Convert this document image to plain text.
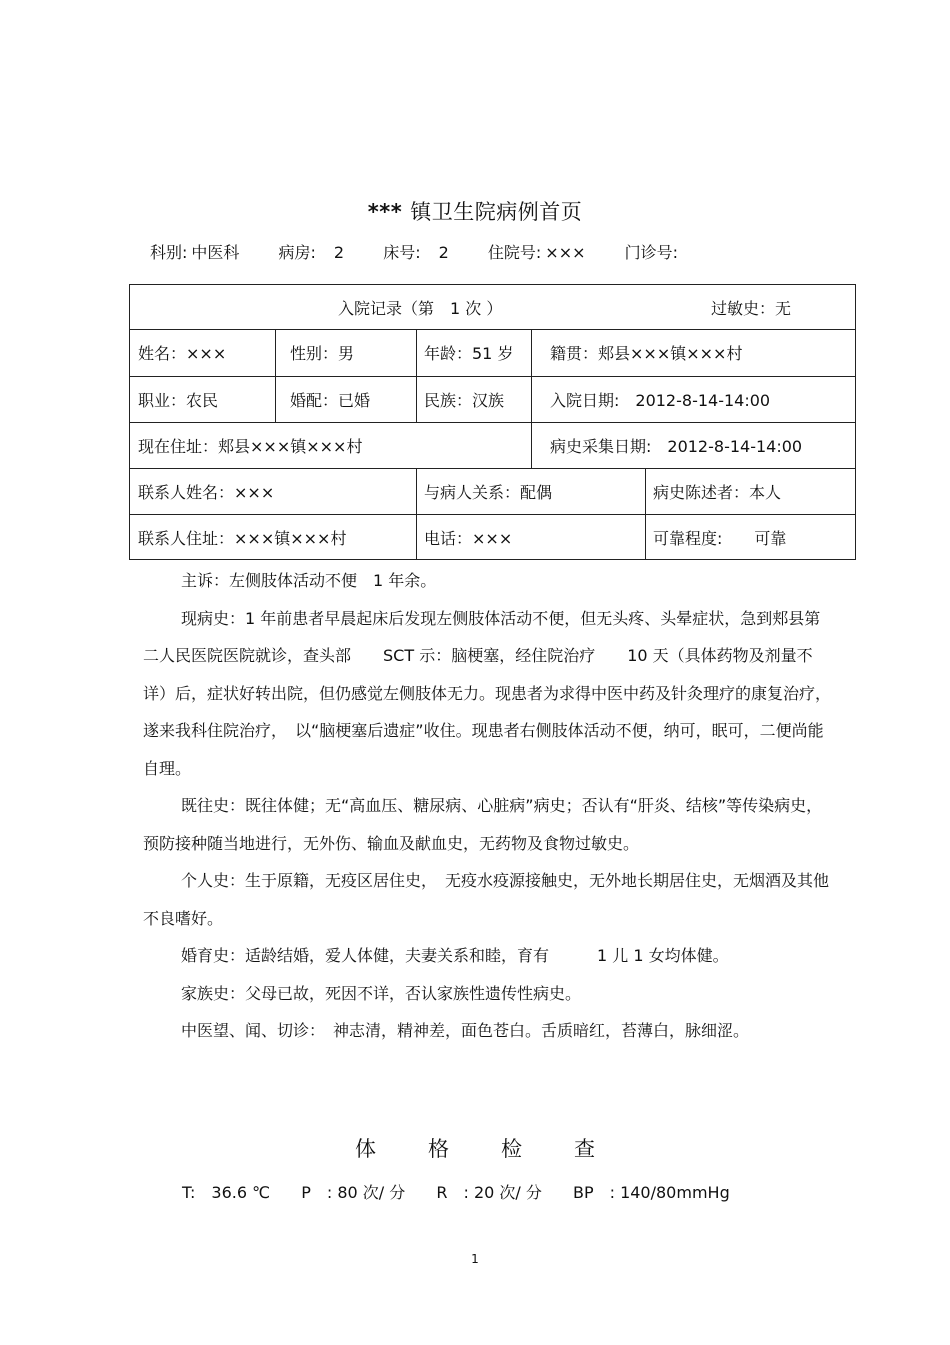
*** 镇卫生院病例首页
科别: 中医科 病房: 2 床号: 2 住院号: ××× 门诊号:
入院记录（第　1 次 ）	过敏史：无
姓名：×××	性别：男	年龄：51 岁	籍贯：郏县×××镇×××村
职业：农民	婚配：已婚	民族：汉族	入院日期:　2012-8-14-14:00
现在住址：郏县×××镇×××村	病史采集日期:　2012-8-14-14:00
联系人姓名：×××	与病人关系：配偶	病史陈述者：本人
联系人住址：×××镇×××村	电话：×××	可靠程度:　　可靠

主诉：左侧肢体活动不便　1 年余。

现病史：1 年前患者早晨起床后发现左侧肢体活动不便，但无头疼、头晕症状，急到郏县第二人民医院医院就诊，查头部　　SCT 示：脑梗塞，经住院治疗　　10 天（具体药物及剂量不详）后，症状好转出院，但仍感觉左侧肢体无力。现患者为求得中医中药及针灸理疗的康复治疗，　遂来我科住院治疗，　以“脑梗塞后遗症”收住。现患者右侧肢体活动不便，纳可，眠可，二便尚能自理。

既往史：既往体健；无“高血压、糖尿病、心脏病”病史；否认有“肝炎、结核”等传染病史，预防接种随当地进行，无外伤、输血及献血史，无药物及食物过敏史。

个人史：生于原籍，无疫区居住史，　无疫水疫源接触史，无外地长期居住史，无烟酒及其他不良嗜好。

婚育史：适龄结婚，爱人体健，夫妻关系和睦，育有　　　1 儿 1 女均体健。

家族史：父母已故，死因不详，否认家族性遗传性病史。

中医望、闻、切诊：　神志清，精神差，面色苍白。舌质暗红，苔薄白，脉细涩。

体 格 检 查
T:　36.6 ℃ P　: 80 次/ 分 R　: 20 次/ 分 BP　: 140/80mmHg
1
